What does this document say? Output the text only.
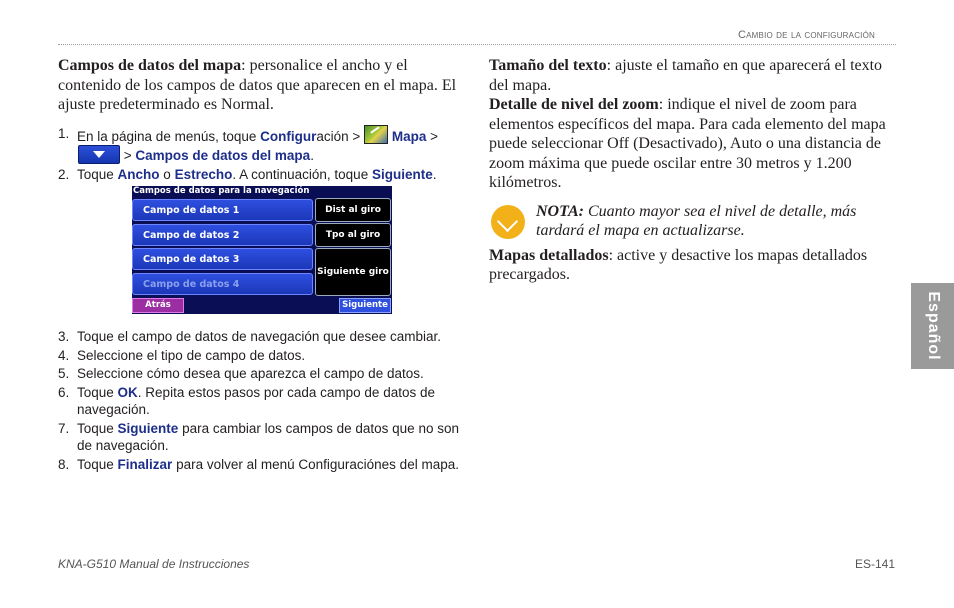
Cambio de la configuración

Campos de datos del mapa: personalice el ancho y el contenido de los campos de datos que aparecen en el mapa. El ajuste predeterminado es Normal.

1. En la página de menús, toque Configuración >  Mapa >
> Campos de datos del mapa.
2. Toque Ancho o Estrecho. A continuación, toque Siguiente.
Campos de datos para la navegación
Campo de datos 1
Campo de datos 2
Campo de datos 3
Campo de datos 4
Dist al giro
Tpo al giro
Siguiente giro
Atrás	Siguiente
3. Toque el campo de datos de navegación que desee cambiar.
4. Seleccione el tipo de campo de datos.
5. Seleccione cómo desea que aparezca el campo de datos.
6. Toque OK. Repita estos pasos por cada campo de datos de navegación.
7. Toque Siguiente para cambiar los campos de datos que no son de navegación.
8. Toque Finalizar para volver al menú Configuraciónes del mapa.

Tamaño del texto: ajuste el tamaño en que aparecerá el texto del mapa.

Detalle de nivel del zoom: indique el nivel de zoom para elementos específicos del mapa. Para cada elemento del mapa puede seleccionar Off (Desactivado), Auto o una distancia de zoom máxima que puede oscilar entre 30 metros y 1.200 kilómetros.

NOTA: Cuanto mayor sea el nivel de detalle, más tardará el mapa en actualizarse.

Mapas detallados: active y desactive los mapas detallados precargados.

Español
KNA-G510 Manual de Instrucciones	ES-141
